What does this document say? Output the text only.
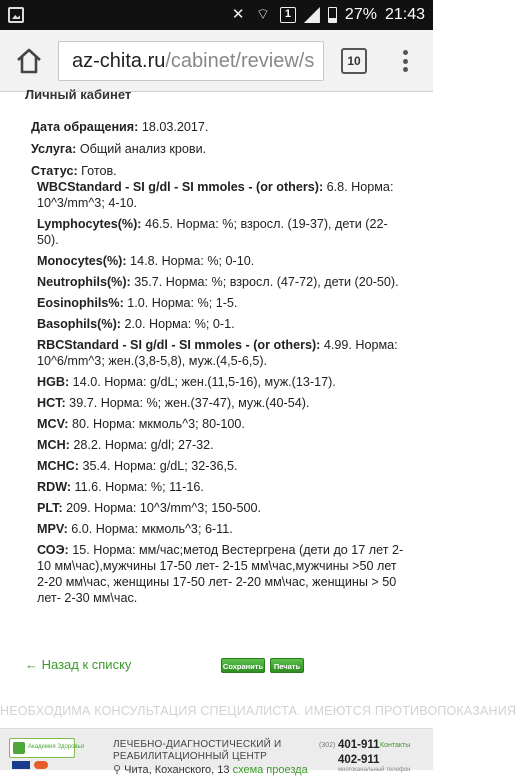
✕ ⌔	1	27% 21:43
az-chita.ru/cabinet/review/s	10
Личный кабинет
Дата обращения: 18.03.2017.
Услуга: Общий анализ крови.
Статус: Готов.
WBCStandard - SI g/dl - SI mmoles - (or others): 6.8. Норма: 10^3/mm^3; 4-10.
Lymphocytes(%): 46.5. Норма: %; взросл. (19-37), дети (22-50).
Monocytes(%): 14.8. Норма: %; 0-10.
Neutrophils(%): 35.7. Норма: %; взросл. (47-72), дети (20-50).
Eosinophils%: 1.0. Норма: %; 1-5.
Basophils(%): 2.0. Норма: %; 0-1.
RBCStandard - SI g/dl - SI mmoles - (or others): 4.99. Норма: 10^6/mm^3; жен.(3,8-5,8), муж.(4,5-6,5).
HGB: 14.0. Норма: g/dL; жен.(11,5-16), муж.(13-17).
HCT: 39.7. Норма: %; жен.(37-47), муж.(40-54).
MCV: 80. Норма: мкмоль^3; 80-100.
MCH: 28.2. Норма: g/dl; 27-32.
MCHC: 35.4. Норма: g/dL; 32-36,5.
RDW: 11.6. Норма: %; 11-16.
PLT: 209. Норма: 10^3/mm^3; 150-500.
MPV: 6.0. Норма: мкмоль^3; 6-11.
СОЭ: 15. Норма: мм/час;метод Вестергрена (дети до 17 лет 2-10 мм\час),мужчины 17-50 лет- 2-15 мм\час,мужчины >50 лет 2-20 мм\час, женщины 17-50 лет- 2-20 мм\час, женщины > 50 лет- 2-30 мм\час.
← Назад к списку	Сохранить	Печать
НЕОБХОДИМА КОНСУЛЬТАЦИЯ СПЕЦИАЛИСТА. ИМЕЮТСЯ ПРОТИВОПОКАЗАНИЯ
Академия Здоровья	ЛЕЧЕБНО-ДИАГНОСТИЧЕСКИЙ И
РЕАБИЛИТАЦИОННЫЙ ЦЕНТР
⚲ Чита, Коханского, 13 схема проезда
(302) 401-911 Контакты
402-911
многоканальный телефон
